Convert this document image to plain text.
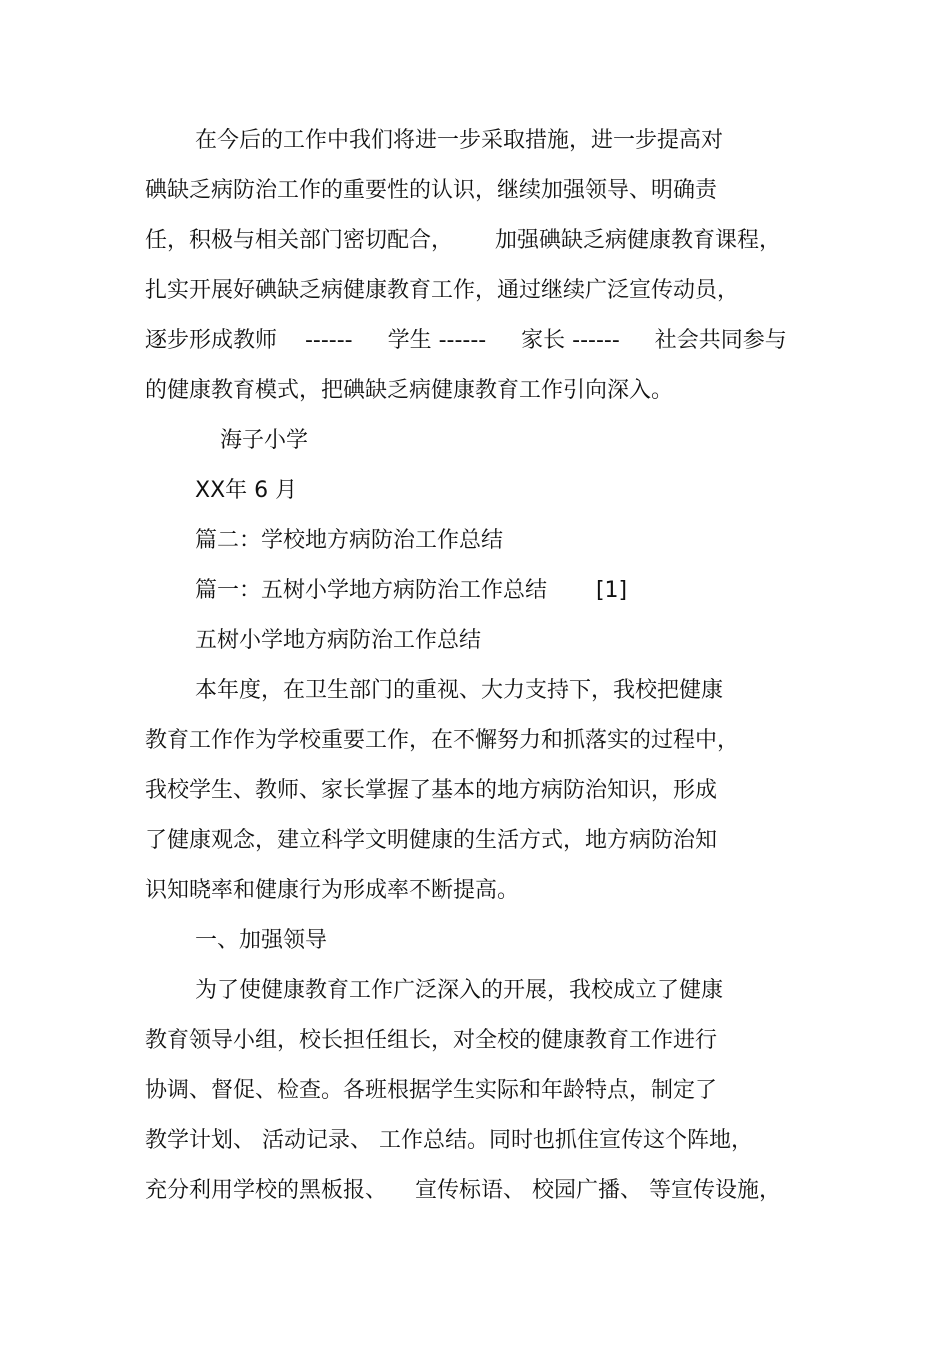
在今后的工作中我们将进一步采取措施，进一步提高对
碘缺乏病防治工作的重要性的认识，继续加强领导、明确责
任，积极与相关部门密切配合，      加强碘缺乏病健康教育课程，
扎实开展好碘缺乏病健康教育工作，通过继续广泛宣传动员，
逐步形成教师    ------     学生 ------     家长 ------     社会共同参与
的健康教育模式，把碘缺乏病健康教育工作引向深入。
海子小学
XX年 6 月
篇二：学校地方病防治工作总结
篇一：五树小学地方病防治工作总结       [1]
五树小学地方病防治工作总结
本年度，在卫生部门的重视、大力支持下，我校把健康
教育工作作为学校重要工作，在不懈努力和抓落实的过程中，
我校学生、教师、家长掌握了基本的地方病防治知识，形成
了健康观念，建立科学文明健康的生活方式，地方病防治知
识知晓率和健康行为形成率不断提高。
一、加强领导
为了使健康教育工作广泛深入的开展，我校成立了健康
教育领导小组，校长担任组长，对全校的健康教育工作进行
协调、督促、检查。各班根据学生实际和年龄特点，制定了
教学计划、 活动记录、 工作总结。同时也抓住宣传这个阵地，
充分利用学校的黑板报、    宣传标语、 校园广播、 等宣传设施，
